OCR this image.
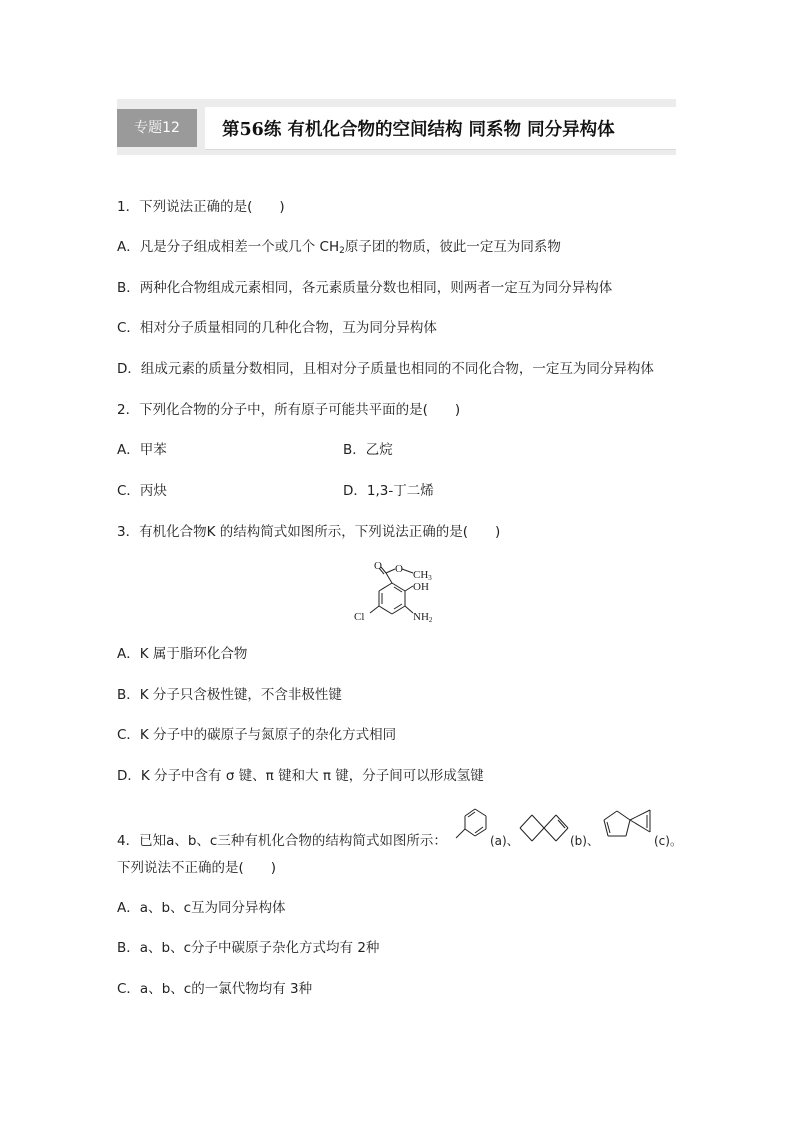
专题12	第56练 有机化合物的空间结构 同系物 同分异构体
1．下列说法正确的是(　　)
A．凡是分子组成相差一个或几个 $CH_2$原子团的物质，彼此一定互为同系物
B．两种化合物组成元素相同，各元素质量分数也相同，则两者一定互为同分异构体
C．相对分子质量相同的几种化合物，互为同分异构体
D．组成元素的质量分数相同，且相对分子质量也相同的不同化合物，一定互为同分异构体
2．下列化合物的分子中，所有原子可能共平面的是(　　)
A．甲苯	B．乙烷
C．丙炔	D．1,3-丁二烯
3．有机化合物K 的结构简式如图所示，下列说法正确的是(　　)
O O CH3
OH
Cl	NH2
A．K 属于脂环化合物
B．K 分子只含极性键，不含非极性键
C．K 分子中的碳原子与氮原子的杂化方式相同
D．K 分子中含有 σ 键、π 键和大 π 键，分子间可以形成氢键
4．已知a、b、c三种有机化合物的结构简式如图所示：	(a)、	(b)、	(c)。
下列说法不正确的是(　　)
A．a、b、c互为同分异构体
B．a、b、c分子中碳原子杂化方式均有 2种
C．a、b、c的一氯代物均有 3种
